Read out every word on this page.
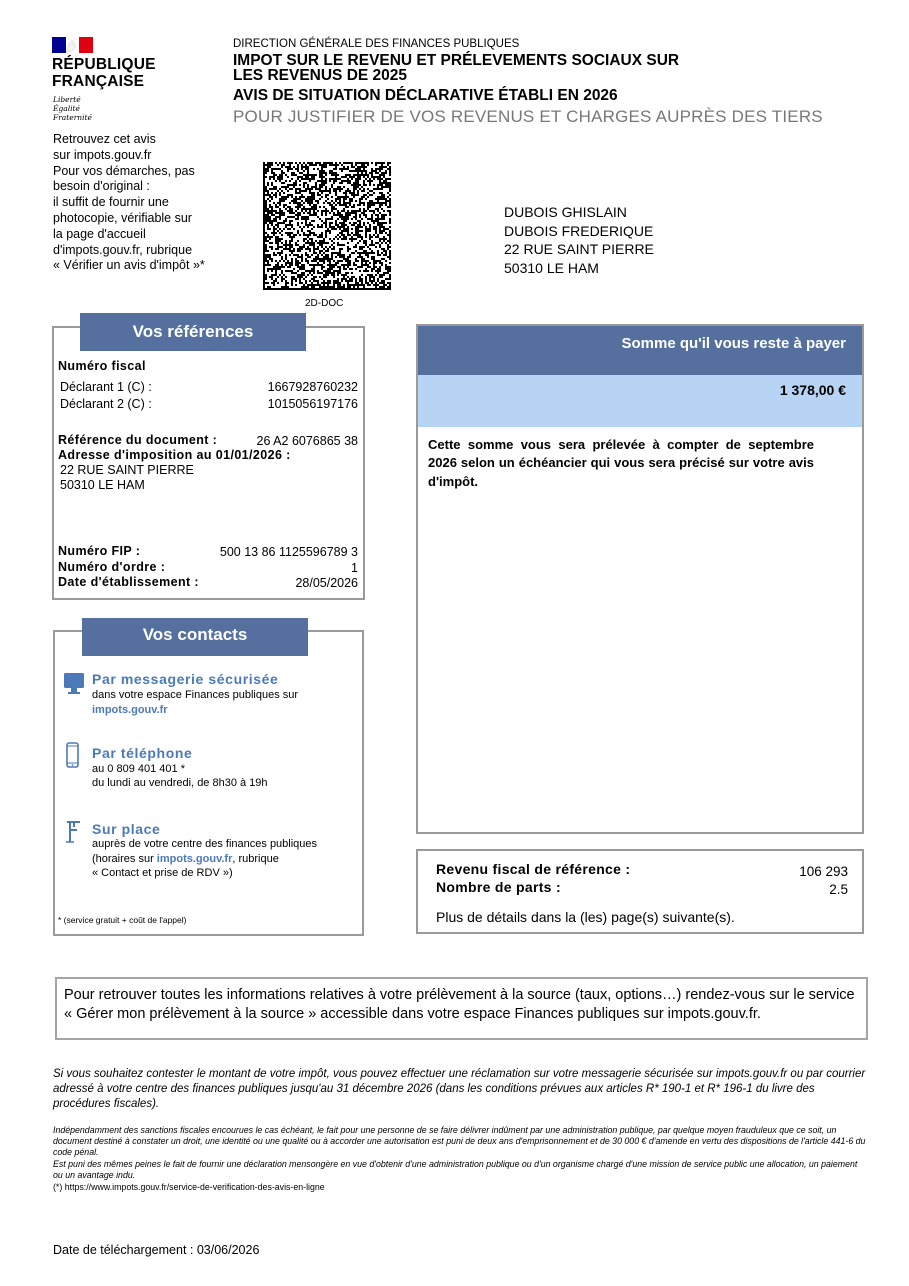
RÉPUBLIQUE
FRANÇAISE
Liberté
Égalité
Fraternité
DIRECTION GÉNÉRALE DES FINANCES PUBLIQUES
IMPOT SUR LE REVENU ET PRÉLEVEMENTS SOCIAUX SUR
LES REVENUS DE 2025
AVIS DE SITUATION DÉCLARATIVE ÉTABLI EN 2026
POUR JUSTIFIER DE VOS REVENUS ET CHARGES AUPRÈS DES TIERS
Retrouvez cet avis
sur impots.gouv.fr
Pour vos démarches, pas
besoin d'original :
il suffit de fournir une
photocopie, vérifiable sur
la page d'accueil
d'impots.gouv.fr, rubrique
« Vérifier un avis d'impôt »*
2D-DOC
DUBOIS GHISLAIN
DUBOIS FREDERIQUE
22 RUE SAINT PIERRE
50310 LE HAM
Vos références
Numéro fiscal
Déclarant 1 (C) :	1667928760232
Déclarant 2 (C) :	1015056197176
Référence du document :	26 A2 6076865 38
Adresse d'imposition au 01/01/2026 :
22 RUE SAINT PIERRE
50310 LE HAM
Numéro FIP :	500 13 86 1125596789 3
Numéro d'ordre :	1
Date d'établissement :	28/05/2026
Somme qu'il vous reste à payer
1 378,00 €
Cette somme vous sera prélevée à compter de septembre 2026 selon un échéancier qui vous sera précisé sur votre avis d'impôt.
Revenu fiscal de référence :	106 293
Nombre de parts :	2.5
Plus de détails dans la (les) page(s) suivante(s).
Vos contacts
Par messagerie sécurisée
dans votre espace Finances publiques sur
impots.gouv.fr
Par téléphone
au 0 809 401 401 *
du lundi au vendredi, de 8h30 à 19h
Sur place
auprès de votre centre des finances publiques
(horaires sur impots.gouv.fr, rubrique
« Contact et prise de RDV »)
* (service gratuit + coût de l'appel)
Pour retrouver toutes les informations relatives à votre prélèvement à la source (taux, options…) rendez-vous sur le service « Gérer mon prélèvement à la source » accessible dans votre espace Finances publiques sur impots.gouv.fr.
Si vous souhaitez contester le montant de votre impôt, vous pouvez effectuer une réclamation sur votre messagerie sécurisée sur impots.gouv.fr ou par courrier adressé à votre centre des finances publiques jusqu'au 31 décembre 2026 (dans les conditions prévues aux articles R* 190-1 et R* 196-1 du livre des procédures fiscales).
Indépendamment des sanctions fiscales encourues le cas échéant, le fait pour une personne de se faire délivrer indûment par une administration publique, par quelque moyen frauduleux que ce soit, un document destiné à constater un droit, une identité ou une qualité ou à accorder une autorisation est puni de deux ans d'emprisonnement et de 30 000 € d'amende en vertu des dispositions de l'article 441-6 du code pénal.
Est puni des mêmes peines le fait de fournir une déclaration mensongère en vue d'obtenir d'une administration publique ou d'un organisme chargé d'une mission de service public une allocation, un paiement ou un avantage indu.
(*) https://www.impots.gouv.fr/service-de-verification-des-avis-en-ligne
Date de téléchargement : 03/06/2026
